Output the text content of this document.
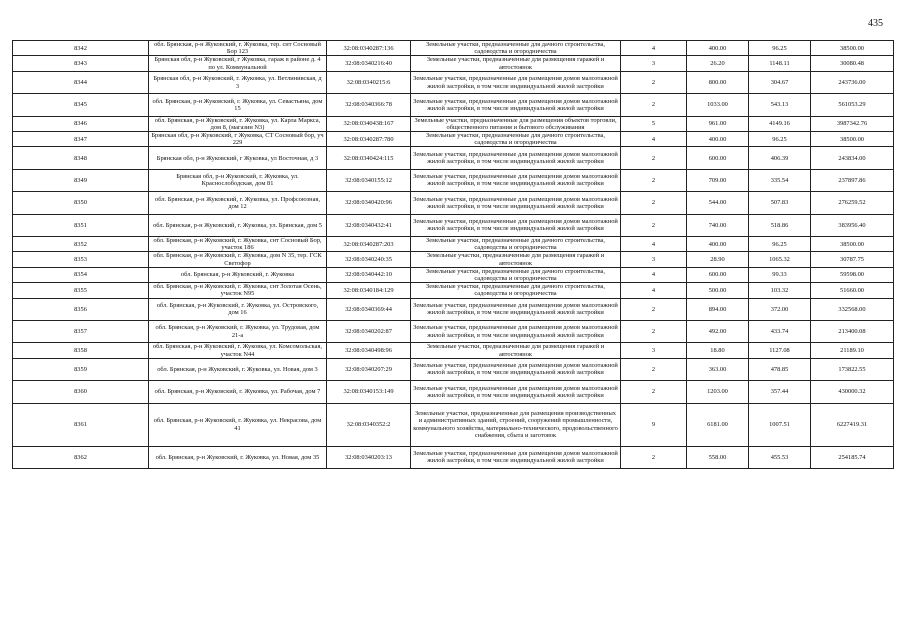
435
8342	обл. Брянская, р-н Жуковский, г. Жуковка, тер. снт Сосновый Бор 123	32:08:0340287:136	Земельные участки, предназначенные для дачного строительства, садоводства и огородничества	4	400.00	96.25	38500.00
8343	Брянская обл, р-н Жуковский, г Жуковка, гараж в районе д. 4 по ул. Коммунальной	32:08:0340216:40	Земельные участки, предназначенные для размещения гаражей и автостоянок	3	26.20	1148.11	30080.48
8344	Брянская обл, р-н Жуковский, г. Жуковка, ул. Ветлинивская, д 3	32:08:0340215:6	Земельные участки, предназначенные для размещения домов малоэтажной жилой застройки, в том числе индивидуальной жилой застройки	2	800.00	304.67	243736.00
8345	обл. Брянская, р-н Жуковский, г. Жуковка, ул. Севастьяна, дом 15	32:08:0340366:78	Земельные участки, предназначенные для размещения домов малоэтажной жилой застройки, в том числе индивидуальной жилой застройки	2	1033.00	543.13	561053.29
8346	обл. Брянская, р-н Жуковский, г. Жуковка, ул. Карла Маркса, дом 8, (магазин N3)	32:08:0340438:167	Земельные участки, предназначенные для размещения объектов торговли, общественного питания и бытового обслуживания	5	961.00	4149.16	3987342.76
8347	Брянская обл, р-н Жуковский, г Жуковка, СТ Сосновый бор, уч 229	32:08:0340287:780	Земельные участки, предназначенные для дачного строительства, садоводства и огородничества	4	400.00	96.25	38500.00
8348	Брянская обл, р-н Жуковский, г Жуковка, ул Восточная, д 3	32:08:0340424:115	Земельные участки, предназначенные для размещения домов малоэтажной жилой застройки, в том числе индивидуальной жилой застройки	2	600.00	406.39	243834.00
8349	Брянская обл, р-н Жуковский, г. Жуковка, ул. Краснослободская, дом 81	32:08:0340155:12	Земельные участки, предназначенные для размещения домов малоэтажной жилой застройки, в том числе индивидуальной жилой застройки	2	709.00	335.54	237897.86
8350	обл. Брянская, р-н Жуковский, г. Жуковка, ул. Профсоюзная, дом 12	32:08:0340420:96	Земельные участки, предназначенные для размещения домов малоэтажной жилой застройки, в том числе индивидуальной жилой застройки	2	544.00	507.83	276259.52
8351	обл. Брянская, р-н Жуковский, г. Жуковка, ул. Брянская, дом 5	32:08:0340432:41	Земельные участки, предназначенные для размещения домов малоэтажной жилой застройки, в том числе индивидуальной жилой застройки	2	740.00	518.86	383956.40
8352	обл. Брянская, р-н Жуковский, г. Жуковка, снт Сосновый Бор, участок 186	32:08:0340287:203	Земельные участки, предназначенные для дачного строительства, садоводства и огородничества	4	400.00	96.25	38500.00
8353	обл. Брянская, р-н Жуковский, г. Жуковка, дом N 35, тер. ГСК Светофор	32:08:0340240:35	Земельные участки, предназначенные для размещения гаражей и автостоянок	3	28.90	1065.32	30787.75
8354	обл. Брянская, р-н Жуковский, г. Жуковка	32:08:0340442:10	Земельные участки, предназначенные для дачного строительства, садоводства и огородничества	4	600.00	99.33	59598.00
8355	обл. Брянская, р-н Жуковский, г. Жуковка, снт Золотая Осень, участок N95	32:08:0340184:129	Земельные участки, предназначенные для дачного строительства, садоводства и огородничества	4	500.00	103.32	51660.00
8356	обл. Брянская, р-н Жуковский, г. Жуковка, ул. Островского, дом 16	32:08:0340369:44	Земельные участки, предназначенные для размещения домов малоэтажной жилой застройки, в том числе индивидуальной жилой застройки	2	894.00	372.00	332568.00
8357	обл. Брянская, р-н Жуковский, г. Жуковка, ул. Трудовая, дом 21-а	32:08:0340202:87	Земельные участки, предназначенные для размещения домов малоэтажной жилой застройки, в том числе индивидуальной жилой застройки	2	492.00	433.74	213400.08
8358	обл. Брянская, р-н Жуковский, г. Жуковка, ул. Комсомольская, участок N44	32:08:0340498:96	Земельные участки, предназначенные для размещения гаражей и автостоянок	3	18.80	1127.08	21189.10
8359	обл. Брянская, р-н Жуковский, г. Жуковка, ул. Новая, дом 3	32:08:0340207:29	Земельные участки, предназначенные для размещения домов малоэтажной жилой застройки, в том числе индивидуальной жилой застройки	2	363.00	478.85	173822.55
8360	обл. Брянская, р-н Жуковский, г. Жуковка, ул. Рабочая, дом 7	32:08:0340153:149	Земельные участки, предназначенные для размещения домов малоэтажной жилой застройки, в том числе индивидуальной жилой застройки	2	1203.00	357.44	430000.32
8361	обл. Брянская, р-н Жуковский, г. Жуковка, ул. Некрасова, дом 41	32:08:0340352:2	Земельные участки, предназначенные для размещения производственных и административных зданий, строений, сооружений промышленности, коммунального хозяйства, материально-технического, продовольственного снабжения, сбыта и заготовок	9	6181.00	1007.51	6227419.31
8362	обл. Брянская, р-н Жуковский, г. Жуковка, ул. Новая, дом 35	32:08:0340203:13	Земельные участки, предназначенные для размещения домов малоэтажной жилой застройки, в том числе индивидуальной жилой застройки	2	558.00	455.53	254185.74
